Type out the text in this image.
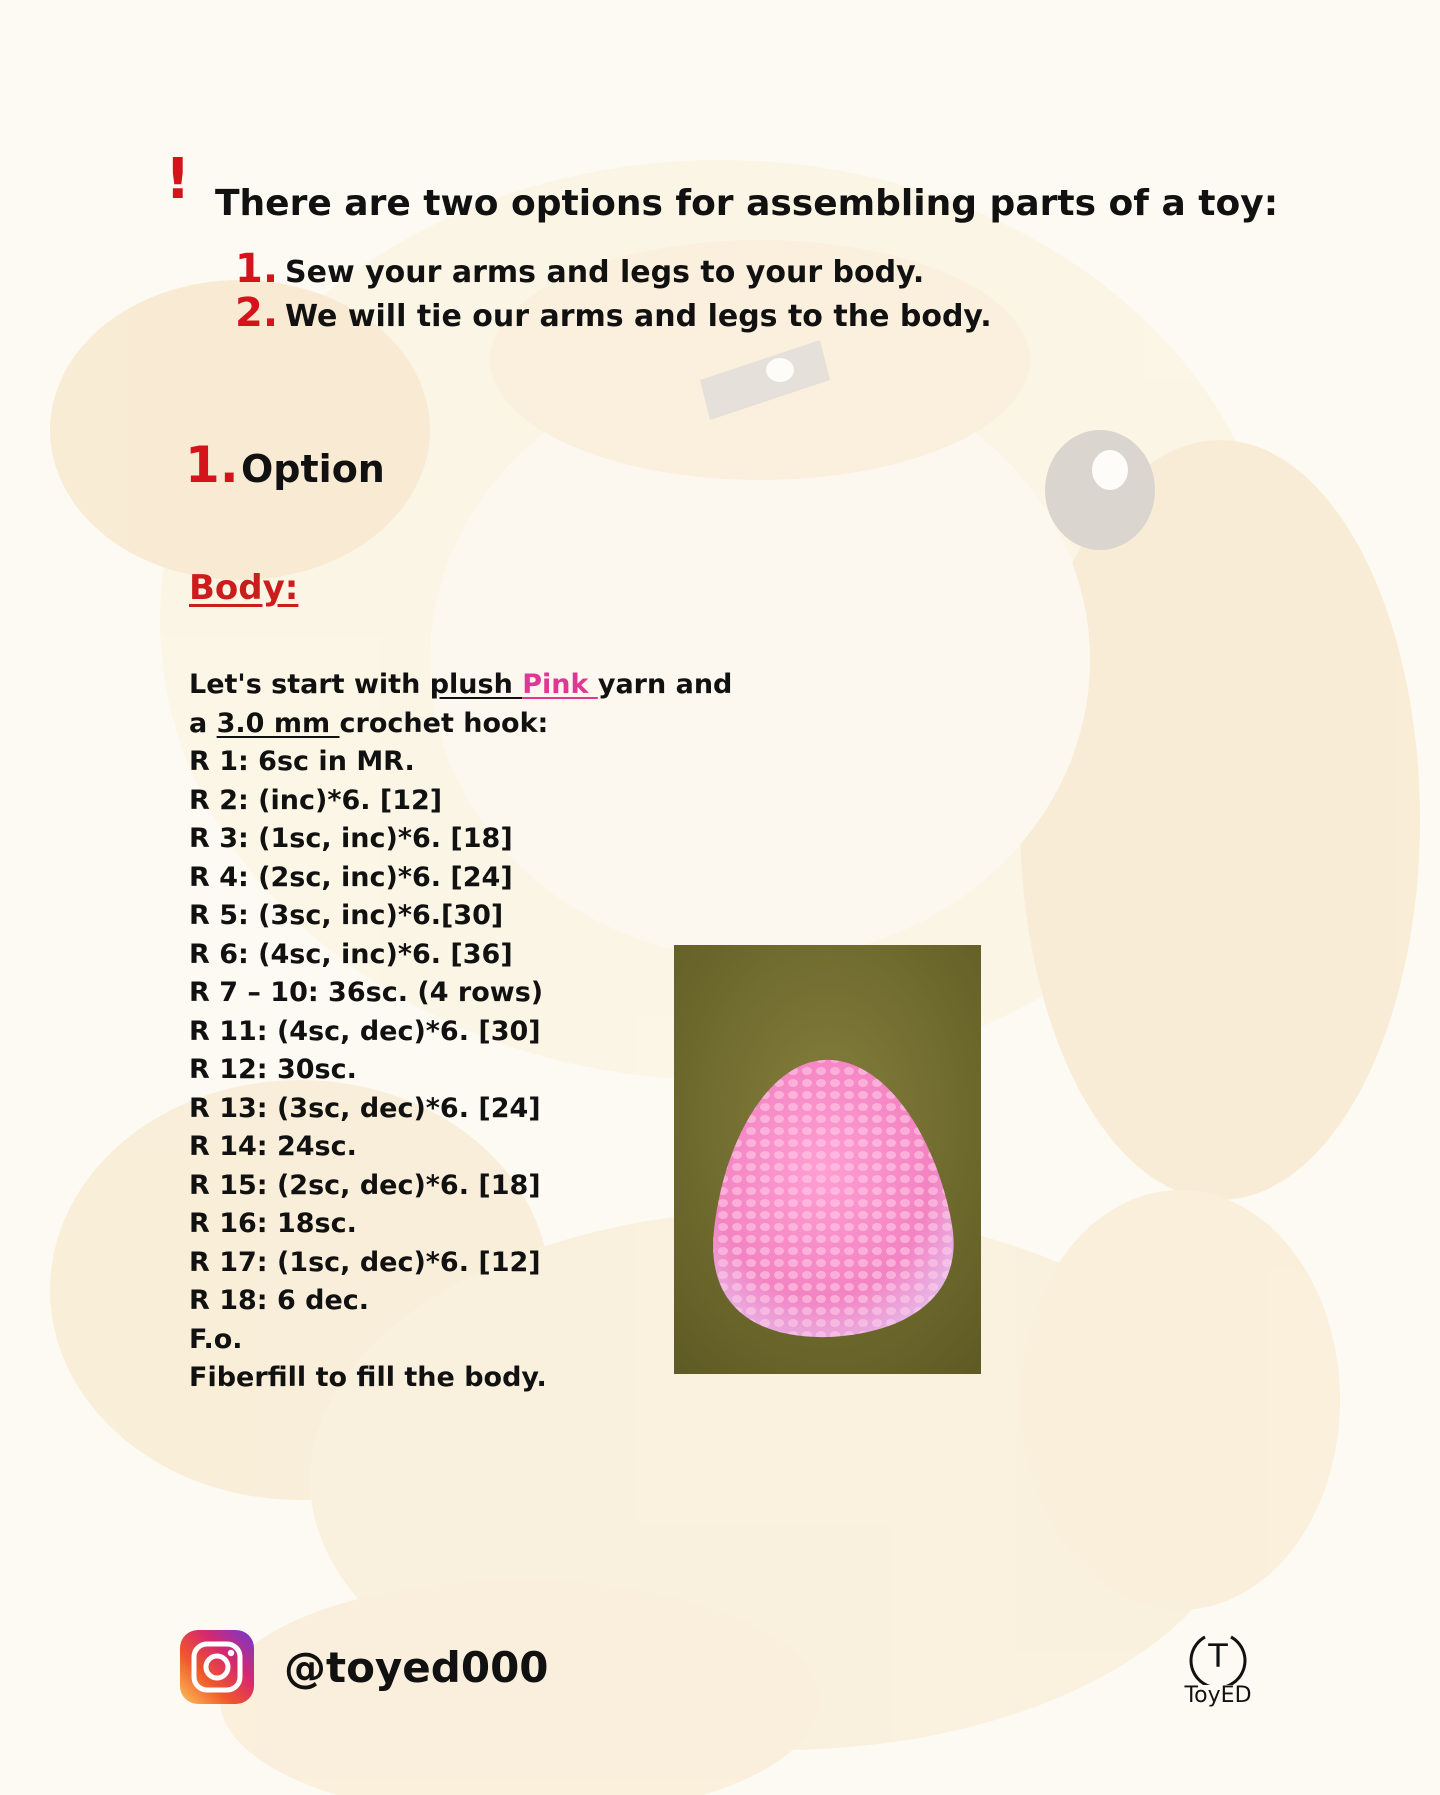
! There are two options for assembling parts of a toy:
1. Sew your arms and legs to your body.
2. We will tie our arms and legs to the body.
1. Option
Body:
Let's start with plush Pink yarn and
a 3.0 mm crochet hook:
R 1: 6sc in MR.
R 2: (inc)*6. [12]
R 3: (1sc, inc)*6. [18]
R 4: (2sc, inc)*6. [24]
R 5: (3sc, inc)*6.[30]
R 6: (4sc, inc)*6. [36]
R 7 – 10: 36sc. (4 rows)
R 11: (4sc, dec)*6. [30]
R 12: 30sc.
R 13: (3sc, dec)*6. [24]
R 14: 24sc.
R 15: (2sc, dec)*6. [18]
R 16: 18sc.
R 17: (1sc, dec)*6. [12]
R 18: 6 dec.
F.o.
Fiberfill to fill the body.
@toyed000	T
ToyED
